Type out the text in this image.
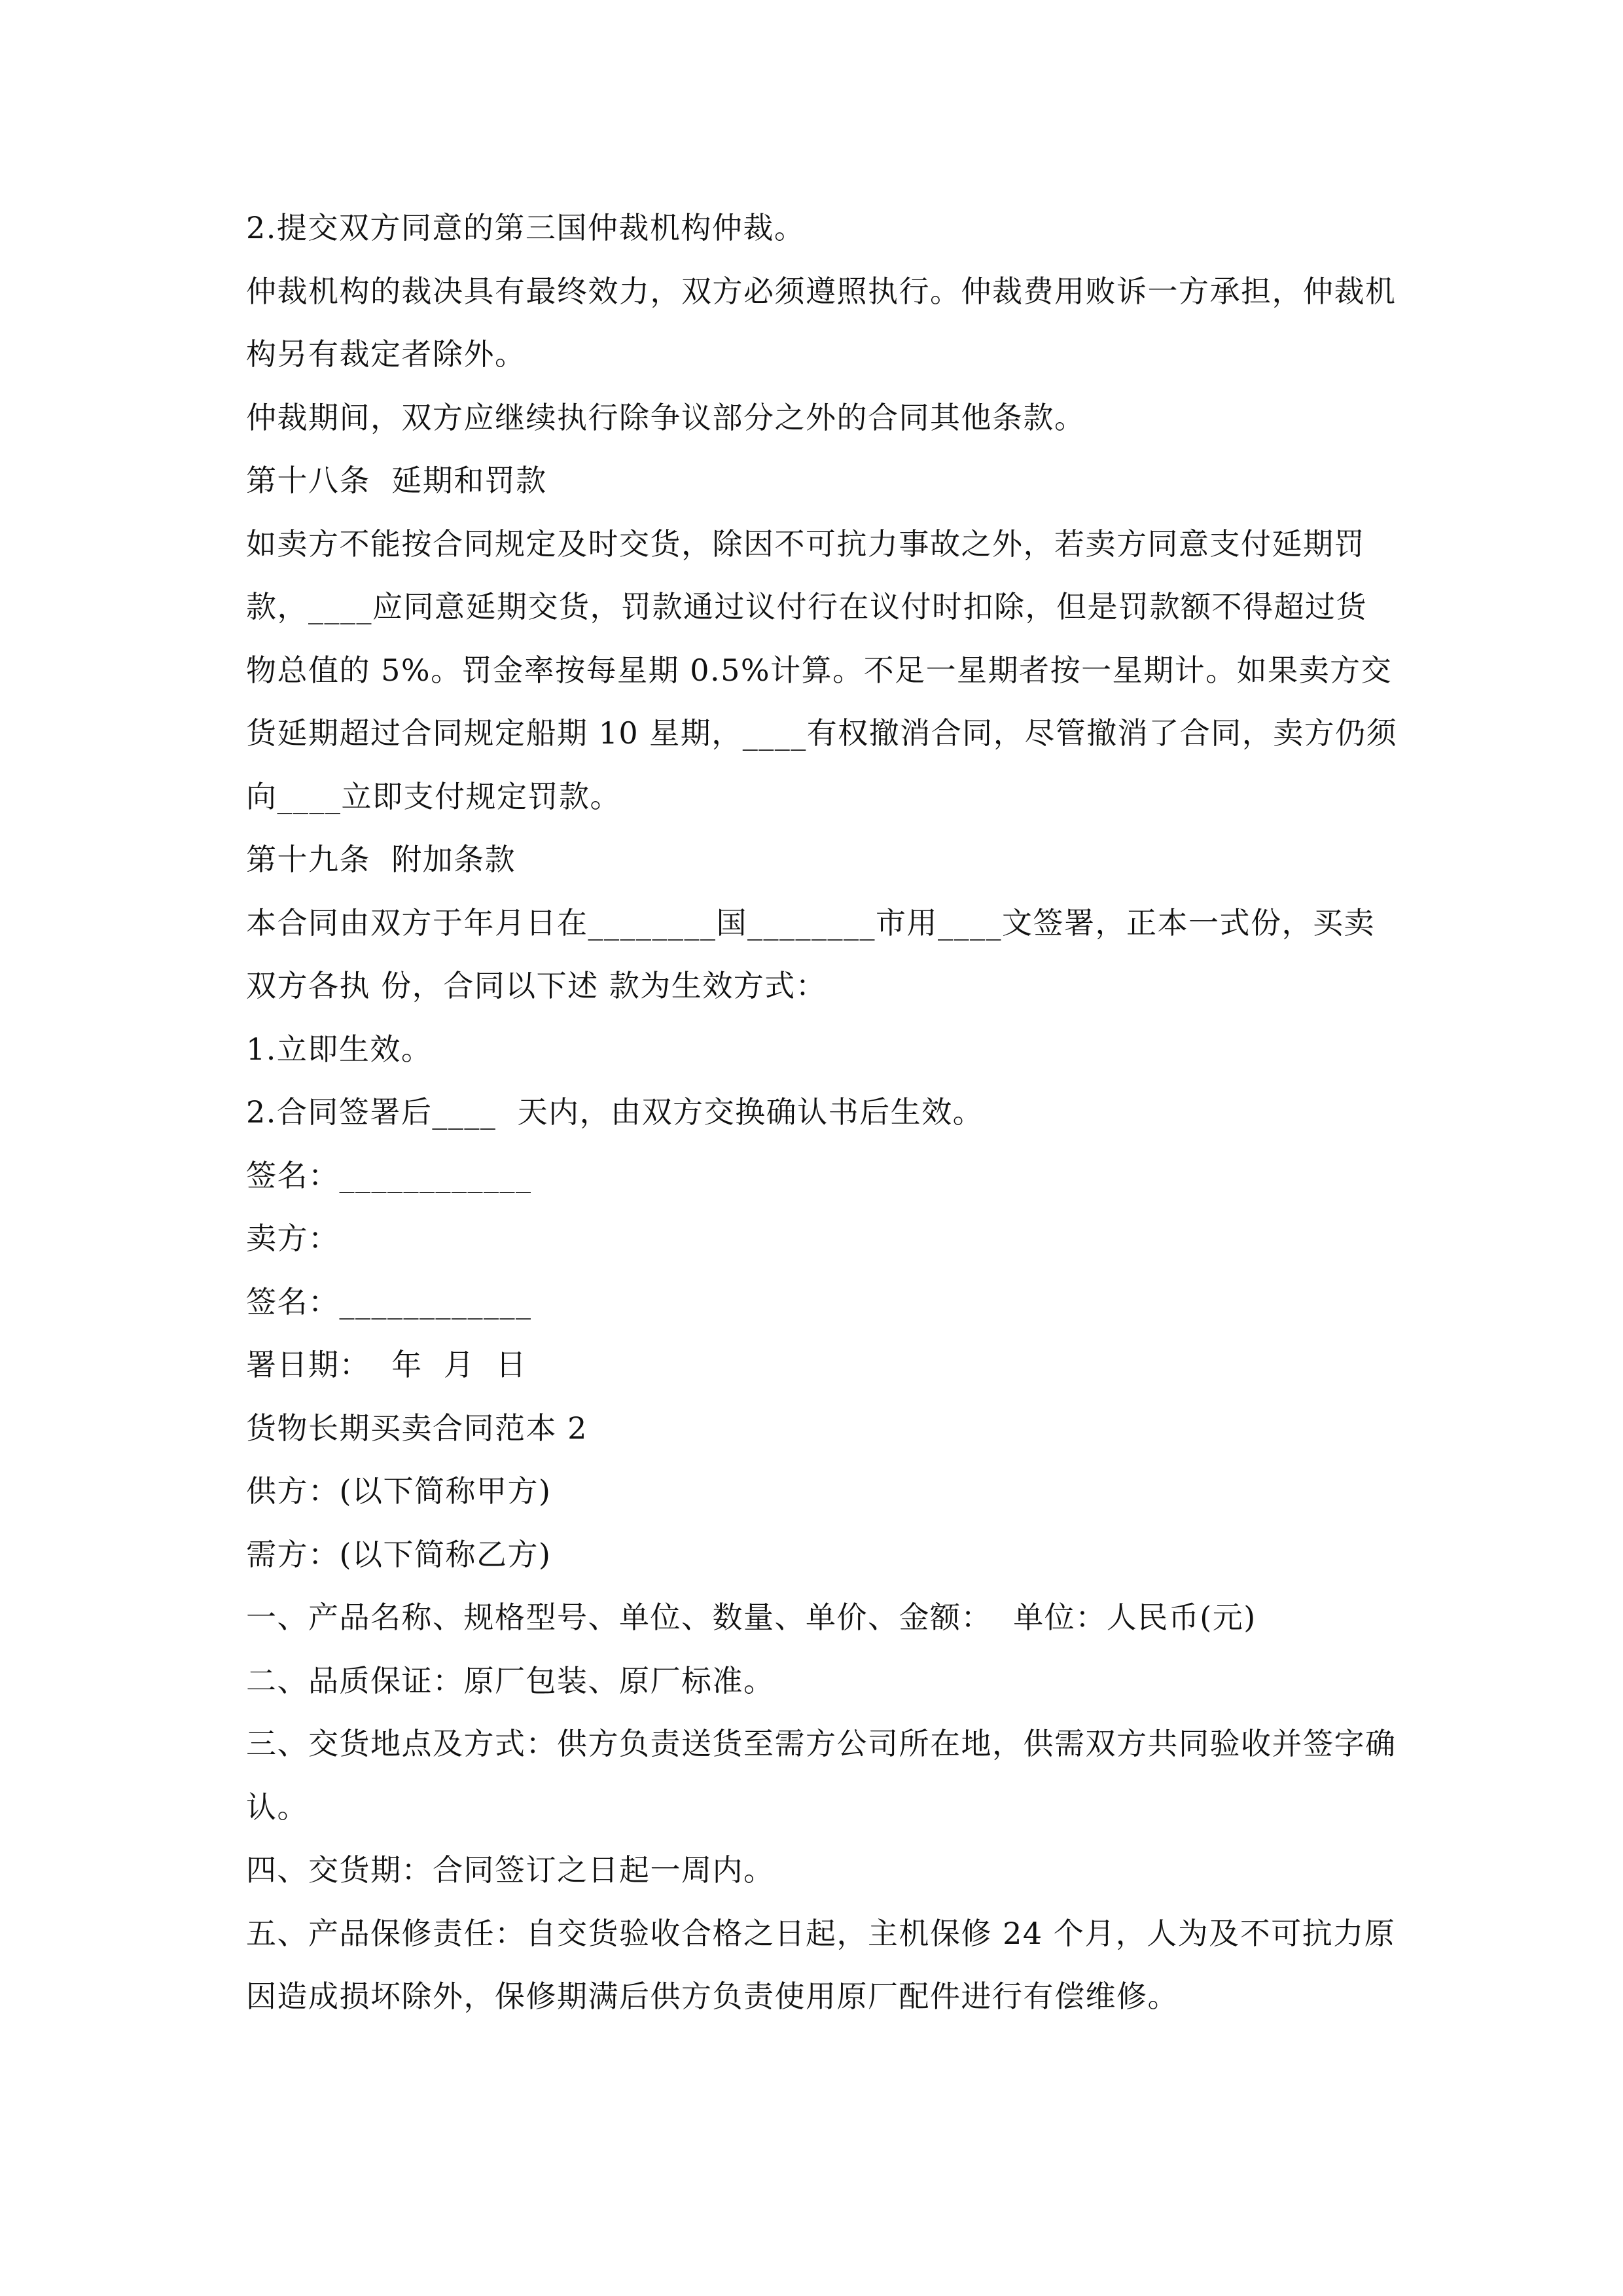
2.提交双方同意的第三国仲裁机构仲裁。

仲裁机构的裁决具有最终效力，双方必须遵照执行。仲裁费用败诉一方承担，仲裁机构另有裁定者除外。

仲裁期间，双方应继续执行除争议部分之外的合同其他条款。

第十八条  延期和罚款

如卖方不能按合同规定及时交货，除因不可抗力事故之外，若卖方同意支付延期罚款，____应同意延期交货，罚款通过议付行在议付时扣除，但是罚款额不得超过货物总值的 5%。罚金率按每星期 0.5%计算。不足一星期者按一星期计。如果卖方交货延期超过合同规定船期 10 星期，____有权撤消合同，尽管撤消了合同，卖方仍须向____立即支付规定罚款。

第十九条  附加条款

本合同由双方于年月日在________国________市用____文签署，正本一式份，买卖双方各执 份，合同以下述 款为生效方式：

1.立即生效。

2.合同签署后____  天内，由双方交换确认书后生效。

签名：____________

卖方：

签名：____________

署日期：  年  月  日

货物长期买卖合同范本 2

供方：(以下简称甲方)

需方：(以下简称乙方)

一、产品名称、规格型号、单位、数量、单价、金额：  单位：人民币(元)

二、品质保证：原厂包装、原厂标准。

三、交货地点及方式：供方负责送货至需方公司所在地，供需双方共同验收并签字确认。

四、交货期：合同签订之日起一周内。

五、产品保修责任：自交货验收合格之日起，主机保修 24 个月，人为及不可抗力原因造成损坏除外，保修期满后供方负责使用原厂配件进行有偿维修。
